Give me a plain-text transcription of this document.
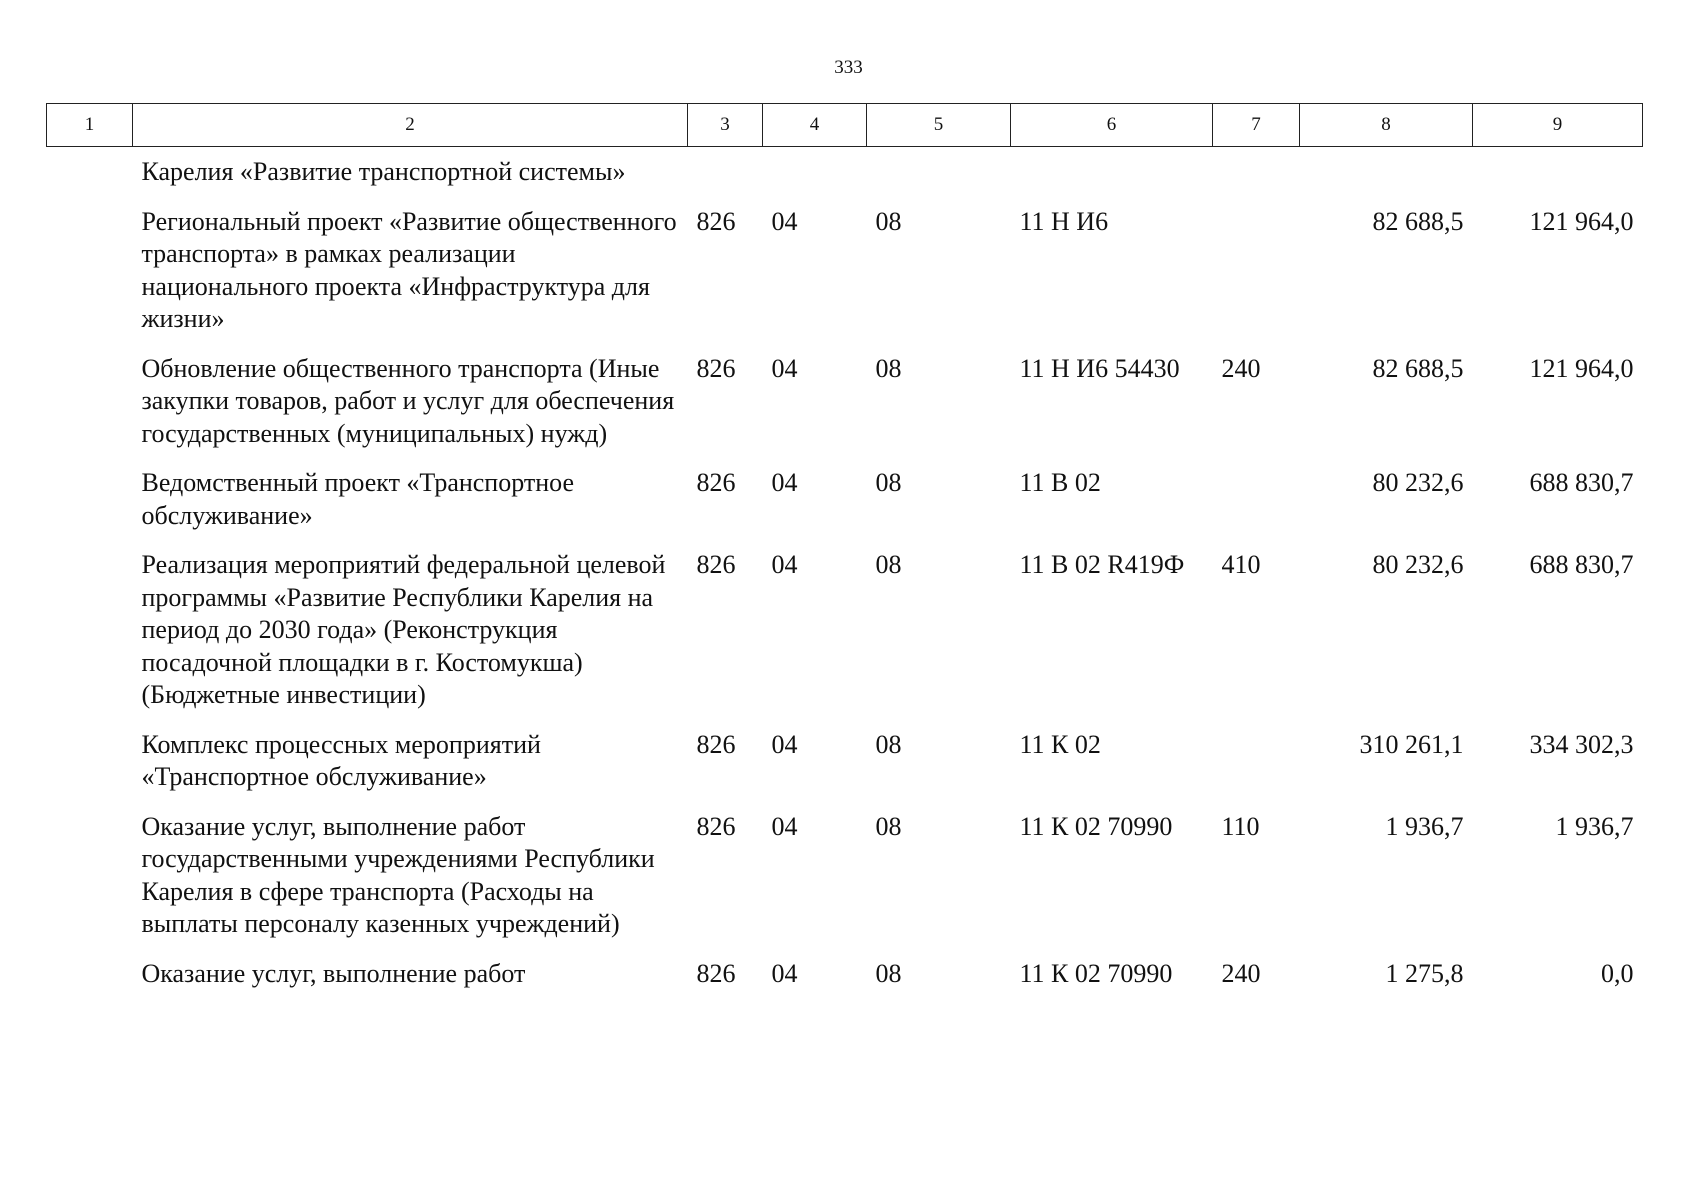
333
1	2	3	4	5	6	7	8	9
	Карелия «Развитие транспортной системы»							
	Региональный проект «Развитие общественного транспорта» в рамках реализации национального проекта «Инфраструктура для жизни»	826	04	08	11 Н И6		82 688,5	121 964,0
	Обновление общественного транспорта (Иные закупки товаров, работ и услуг для обеспечения государственных (муниципальных) нужд)	826	04	08	11 Н И6 54430	240	82 688,5	121 964,0
	Ведомственный проект «Транспортное обслуживание»	826	04	08	11 В 02		80 232,6	688 830,7
	Реализация мероприятий федеральной целевой программы «Развитие Республики Карелия на период до 2030 года» (Реконструкция посадочной площадки в г. Костомукша) (Бюджетные инвестиции)	826	04	08	11 В 02 R419Ф	410	80 232,6	688 830,7
	Комплекс процессных мероприятий «Транспортное обслуживание»	826	04	08	11 К 02		310 261,1	334 302,3
	Оказание услуг, выполнение работ государственными учреждениями Республики Карелия в сфере транспорта (Расходы на выплаты персоналу казенных учреждений)	826	04	08	11 К 02 70990	110	1 936,7	1 936,7
	Оказание услуг, выполнение работ	826	04	08	11 К 02 70990	240	1 275,8	0,0
